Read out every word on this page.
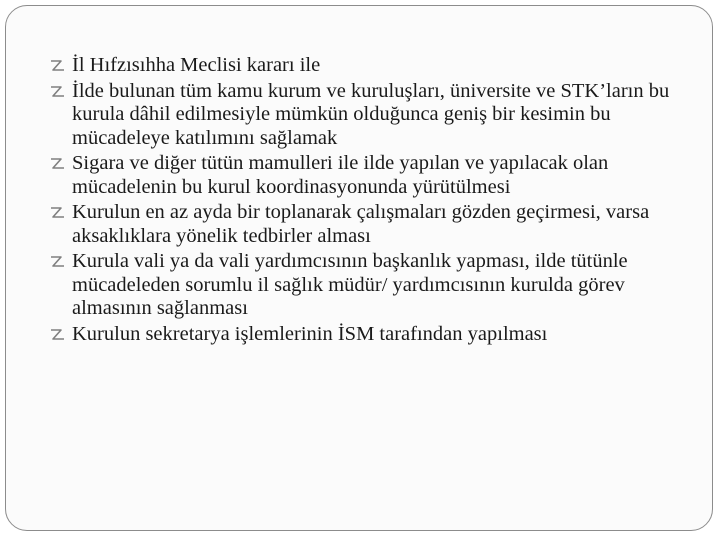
İl Hıfzısıhha Meclisi kararı ile
İlde bulunan tüm kamu kurum ve kuruluşları, üniversite ve STK’ların bu kurula dâhil edilmesiyle mümkün olduğunca geniş bir kesimin bu mücadeleye katılımını sağlamak
Sigara ve diğer tütün mamulleri ile ilde yapılan ve yapılacak olan mücadelenin bu kurul koordinasyonunda yürütülmesi
Kurulun en az ayda bir toplanarak çalışmaları gözden geçirmesi, varsa aksaklıklara yönelik tedbirler alması
Kurula vali ya da vali yardımcısının başkanlık yapması, ilde tütünle mücadeleden sorumlu il sağlık müdür/ yardımcısının kurulda görev almasının sağlanması
Kurulun sekretarya işlemlerinin İSM tarafından yapılması
